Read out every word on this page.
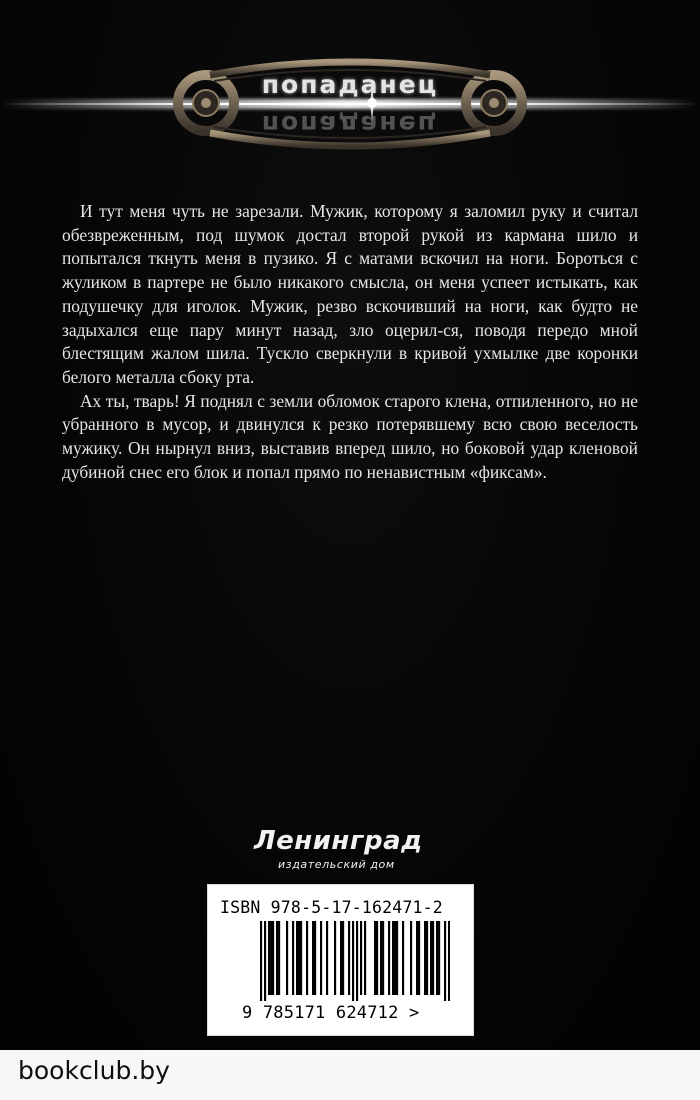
попаданец
попаданец

И тут меня чуть не зарезали. Мужик, которому я заломил руку и считал обезвреженным, под шумок достал второй рукой из кармана шило и попытался ткнуть меня в пузико. Я с матами вскочил на ноги. Бороться с жуликом в партере не было никакого смысла, он меня успеет истыкать, как подушечку для иголок. Мужик, резво вскочивший на ноги, как будто не задыхался еще пару минут назад, зло оцерил-ся, поводя передо мной блестящим жалом шила. Тускло сверкнули в кривой ухмылке две коронки белого металла сбоку рта.

Ах ты, тварь! Я поднял с земли обломок старого клена, отпиленного, но не убранного в мусор, и двинулся к резко потерявшему всю свою веселость мужику. Он нырнул вниз, выставив вперед шило, но боковой удар кленовой дубиной снес его блок и попал прямо по ненавистным «фиксам».

Ленинград
издательский дом
ISBN 978-5-17-162471-2
9 785171 624712 >
bookclub.by
